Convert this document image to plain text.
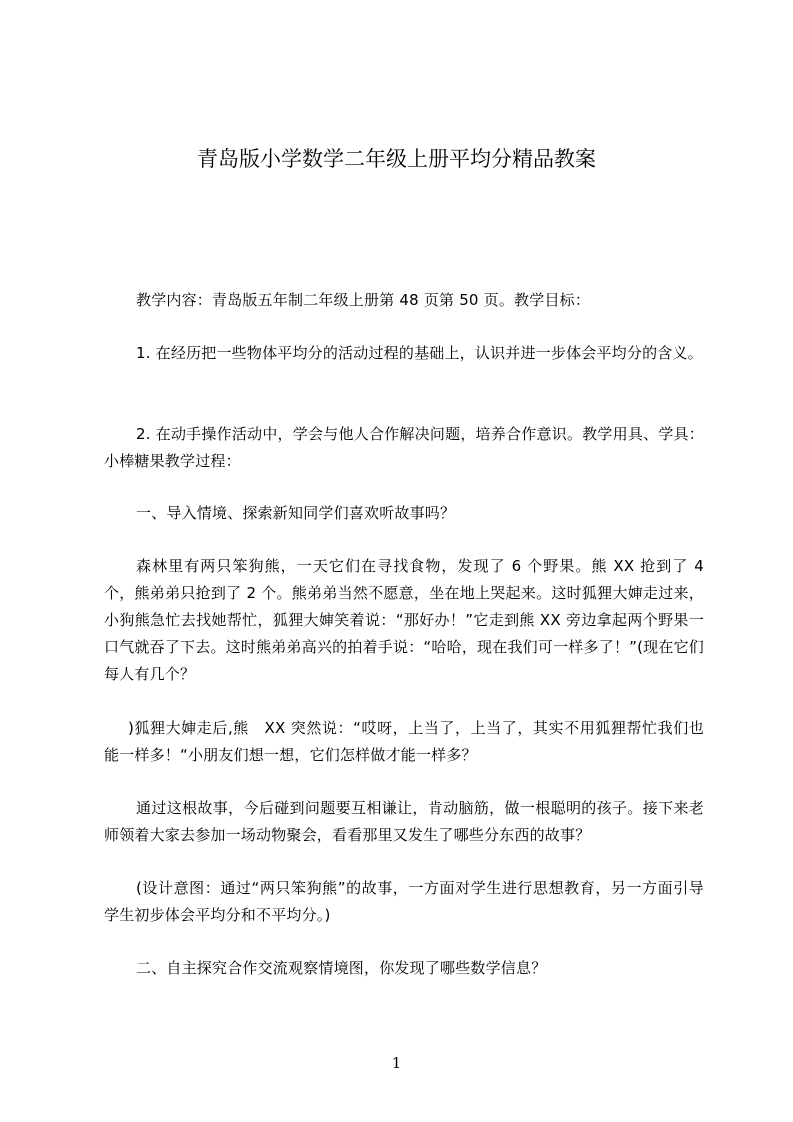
青岛版小学数学二年级上册平均分精品教案

教学内容：青岛版五年制二年级上册第 48 页第 50 页。教学目标：

1. 在经历把一些物体平均分的活动过程的基础上，认识并进一步体会平均分的含义。

2. 在动手操作活动中，学会与他人合作解决问题，培养合作意识。教学用具、学具：小棒糖果教学过程：

一、导入情境、探索新知同学们喜欢听故事吗？

森林里有两只笨狗熊，一天它们在寻找食物，发现了 6 个野果。熊 XX 抢到了 4 个，熊弟弟只抢到了 2 个。熊弟弟当然不愿意，坐在地上哭起来。这时狐狸大婶走过来，小狗熊急忙去找她帮忙，狐狸大婶笑着说：“那好办！”它走到熊 XX 旁边拿起两个野果一口气就吞了下去。这时熊弟弟高兴的拍着手说：“哈哈，现在我们可一样多了！”(现在它们每人有几个？

)狐狸大婶走后,熊　XX 突然说：“哎呀，上当了，上当了，其实不用狐狸帮忙我们也能一样多！“小朋友们想一想，它们怎样做才能一样多？

通过这根故事，今后碰到问题要互相谦让，肯动脑筋，做一根聪明的孩子。接下来老师领着大家去参加一场动物聚会，看看那里又发生了哪些分东西的故事？

(设计意图：通过“两只笨狗熊”的故事，一方面对学生进行思想教育，另一方面引导学生初步体会平均分和不平均分。)

二、自主探究合作交流观察情境图，你发现了哪些数学信息？

1
